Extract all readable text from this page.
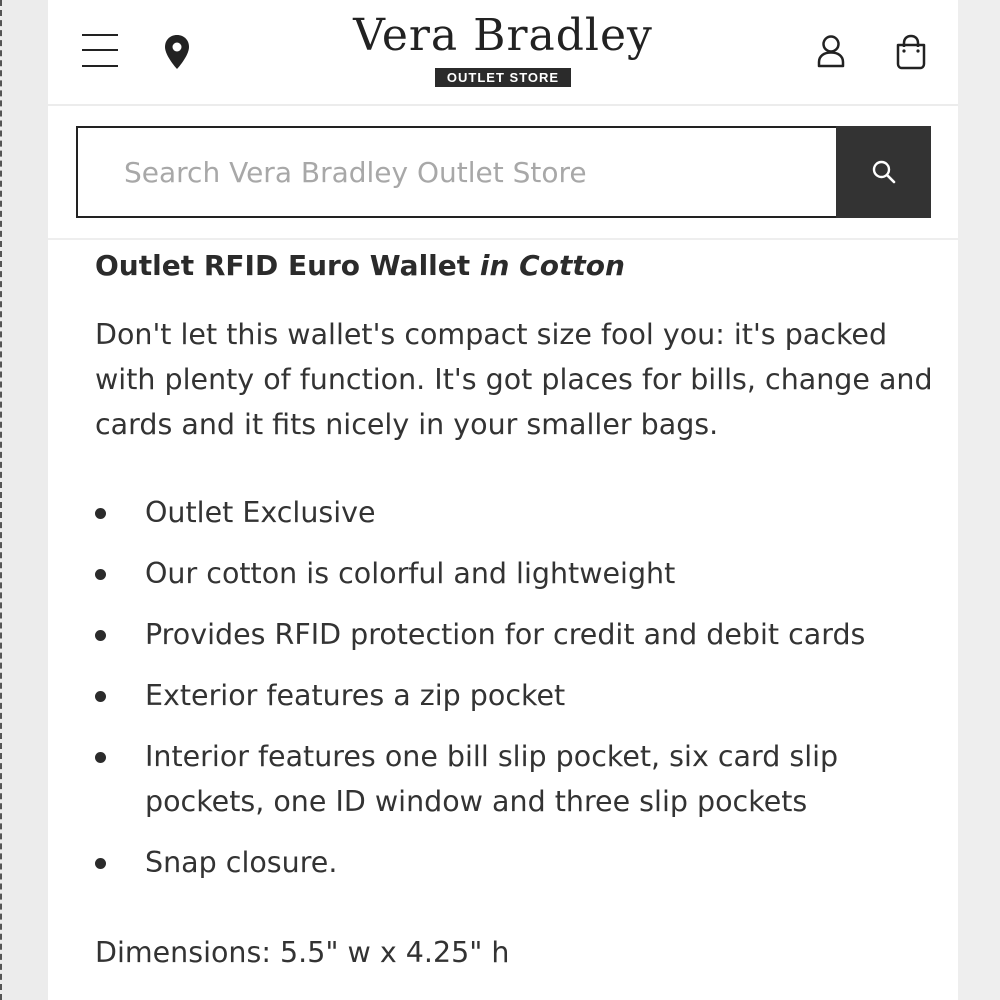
Vera Bradley
OUTLET STORE
Search Vera Bradley Outlet Store
Outlet RFID Euro Wallet in Cotton

Don't let this wallet's compact size fool you: it's packed with plenty of function. It's got places for bills, change and cards and it fits nicely in your smaller bags.

Outlet Exclusive
Our cotton is colorful and lightweight
Provides RFID protection for credit and debit cards
Exterior features a zip pocket
Interior features one bill slip pocket, six card slip pockets, one ID window and three slip pockets
Snap closure.

Dimensions: 5.5" w x 4.25" h
